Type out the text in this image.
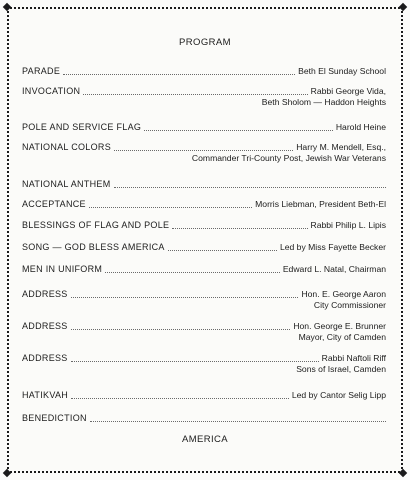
PROGRAM
PARADE	Beth El Sunday School
INVOCATION	Rabbi George Vida,
Beth Sholom — Haddon Heights
POLE AND SERVICE FLAG	Harold Heine
NATIONAL COLORS	Harry M. Mendell, Esq.,
Commander Tri-County Post, Jewish War Veterans
NATIONAL ANTHEM
ACCEPTANCE	Morris Liebman, President Beth-El
BLESSINGS OF FLAG AND POLE	Rabbi Philip L. Lipis
SONG — GOD BLESS AMERICA	Led by Miss Fayette Becker
MEN IN UNIFORM	Edward L. Natal, Chairman
ADDRESS	Hon. E. George Aaron
City Commissioner
ADDRESS	Hon. George E. Brunner
Mayor, City of Camden
ADDRESS	Rabbi Naftoli Riff
Sons of Israel, Camden
HATIKVAH	Led by Cantor Selig Lipp
BENEDICTION
AMERICA
